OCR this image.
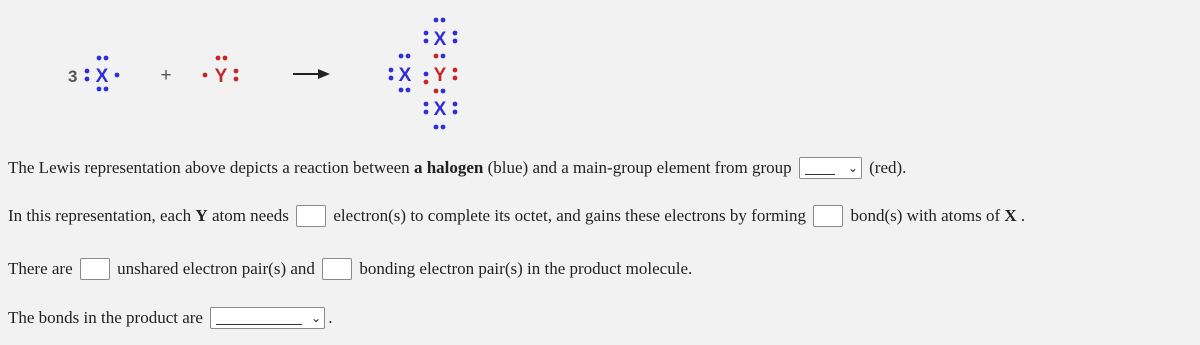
3 X	+ Y
X
X Y
X
The Lewis representation above depicts a reaction between a halogen (blue) and a main-group element from group	⌄ (red).
In this representation, each Y atom needs electron(s) to complete its octet, and gains these electrons by forming bond(s) with atoms of X .
There are unshared electron pair(s) and bonding electron pair(s) in the product molecule.
The bonds in the product are	⌄ .
